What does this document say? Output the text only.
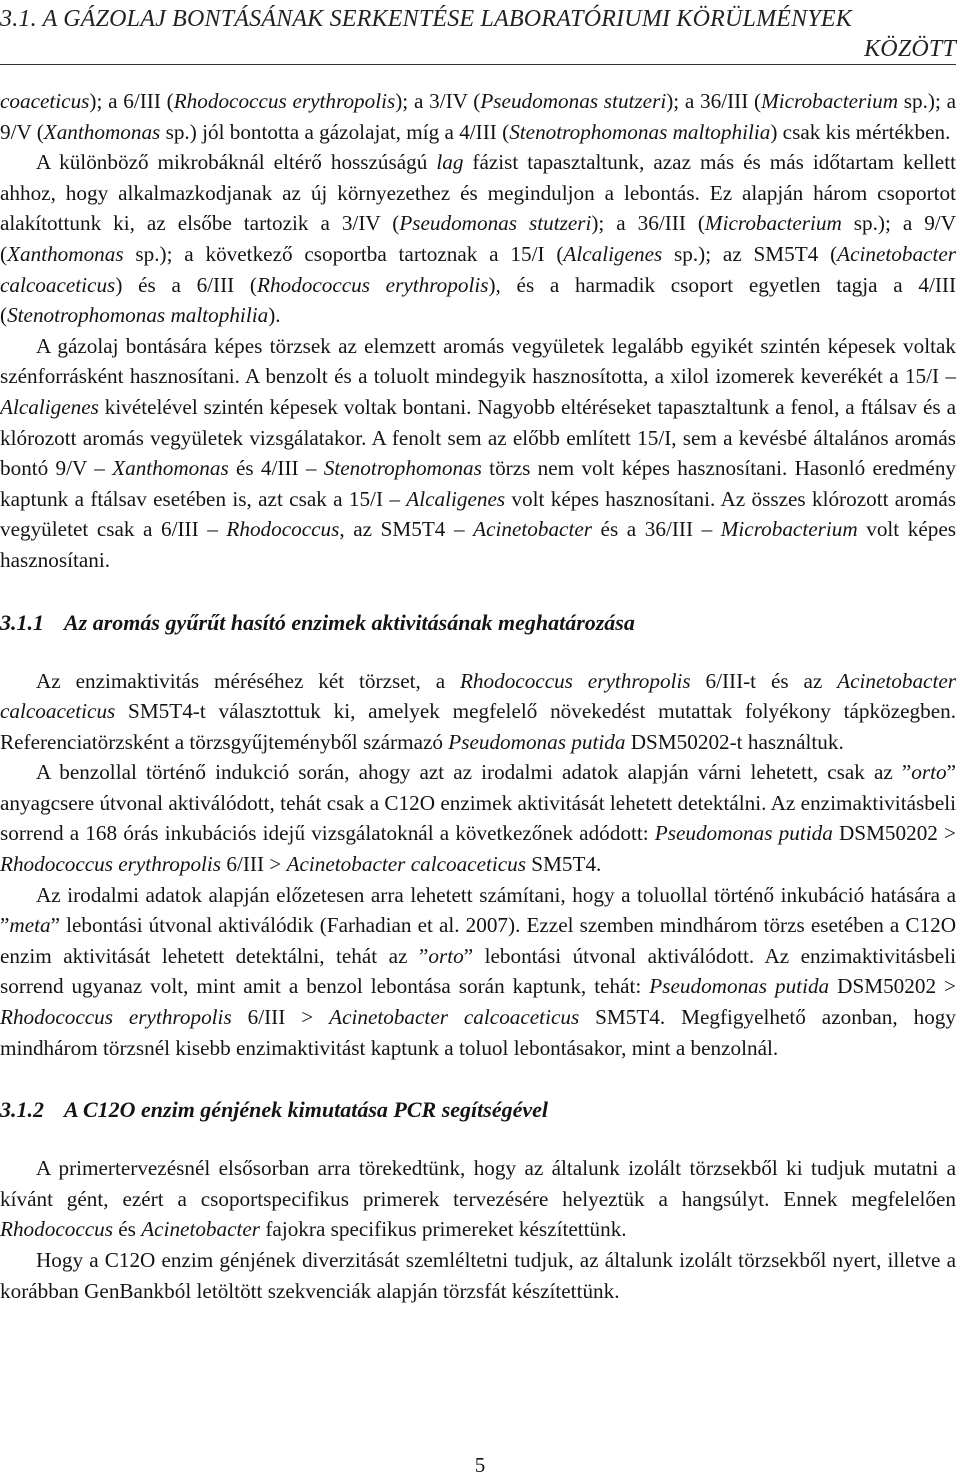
3.1. A GÁZOLAJ BONTÁSÁNAK SERKENTÉSE LABORATÓRIUMI KÖRÜLMÉNYEK
KÖZÖTT

coaceticus); a 6/III (Rhodococcus erythropolis); a 3/IV (Pseudomonas stutzeri); a 36/III (Microbacterium sp.); a 9/V (Xanthomonas sp.) jól bontotta a gázolajat, míg a 4/III (Stenotrophomonas maltophilia) csak kis mértékben.

A különböző mikrobáknál eltérő hosszúságú lag fázist tapasztaltunk, azaz más és más időtartam kellett ahhoz, hogy alkalmazkodjanak az új környezethez és meginduljon a lebontás. Ez alapján három csoportot alakítottunk ki, az elsőbe tartozik a 3/IV (Pseudomonas stutzeri); a 36/III (Microbacterium sp.); a 9/V (Xanthomonas sp.); a következő csoportba tartoznak a 15/I (Alcaligenes sp.); az SM5T4 (Acinetobacter calcoaceticus) és a 6/III (Rhodococcus erythropolis), és a harmadik csoport egyetlen tagja a 4/III (Stenotrophomonas maltophilia).

A gázolaj bontására képes törzsek az elemzett aromás vegyületek legalább egyikét szintén képesek voltak szénforrásként hasznosítani. A benzolt és a toluolt mindegyik hasznosította, a xilol izomerek keverékét a 15/I – Alcaligenes kivételével szintén képesek voltak bontani. Nagyobb eltéréseket tapasztaltunk a fenol, a ftálsav és a klórozott aromás vegyületek vizsgálatakor. A fenolt sem az előbb említett 15/I, sem a kevésbé általános aromás bontó 9/V – Xanthomonas és 4/III – Stenotrophomonas törzs nem volt képes hasznosítani. Hasonló eredmény kaptunk a ftálsav esetében is, azt csak a 15/I – Alcaligenes volt képes hasznosítani. Az összes klórozott aromás vegyületet csak a 6/III – Rhodococcus, az SM5T4 – Acinetobacter és a 36/III – Microbacterium volt képes hasznosítani.

3.1.1 Az aromás gyűrűt hasító enzimek aktivitásának meghatározása

Az enzimaktivitás méréséhez két törzset, a Rhodococcus erythropolis 6/III-t és az Acinetobacter calcoaceticus SM5T4-t választottuk ki, amelyek megfelelő növekedést mutattak folyékony tápközegben. Referenciatörzsként a törzsgyűjteményből származó Pseudomonas putida DSM50202-t használtuk.

A benzollal történő indukció során, ahogy azt az irodalmi adatok alapján várni lehetett, csak az ”orto” anyagcsere útvonal aktiválódott, tehát csak a C12O enzimek aktivitását lehetett detektálni. Az enzimaktivitásbeli sorrend a 168 órás inkubációs idejű vizsgálatoknál a következőnek adódott: Pseudomonas putida DSM50202 > Rhodococcus erythropolis 6/III > Acinetobacter calcoaceticus SM5T4.

Az irodalmi adatok alapján előzetesen arra lehetett számítani, hogy a toluollal történő inkubáció hatására a ”meta” lebontási útvonal aktiválódik (Farhadian et al. 2007). Ezzel szemben mindhárom törzs esetében a C12O enzim aktivitását lehetett detektálni, tehát az ”orto” lebontási útvonal aktiválódott. Az enzimaktivitásbeli sorrend ugyanaz volt, mint amit a benzol lebontása során kaptunk, tehát: Pseudomonas putida DSM50202 > Rhodococcus erythropolis 6/III > Acinetobacter calcoaceticus SM5T4. Megfigyelhető azonban, hogy mindhárom törzsnél kisebb enzimaktivitást kaptunk a toluol lebontásakor, mint a benzolnál.

3.1.2 A C12O enzim génjének kimutatása PCR segítségével

A primertervezésnél elsősorban arra törekedtünk, hogy az általunk izolált törzsekből ki tudjuk mutatni a kívánt gént, ezért a csoportspecifikus primerek tervezésére helyeztük a hangsúlyt. Ennek megfelelően Rhodococcus és Acinetobacter fajokra specifikus primereket készítettünk.

Hogy a C12O enzim génjének diverzitását szemléltetni tudjuk, az általunk izolált törzsekből nyert, illetve a korábban GenBankból letöltött szekvenciák alapján törzsfát készítettünk.

5
